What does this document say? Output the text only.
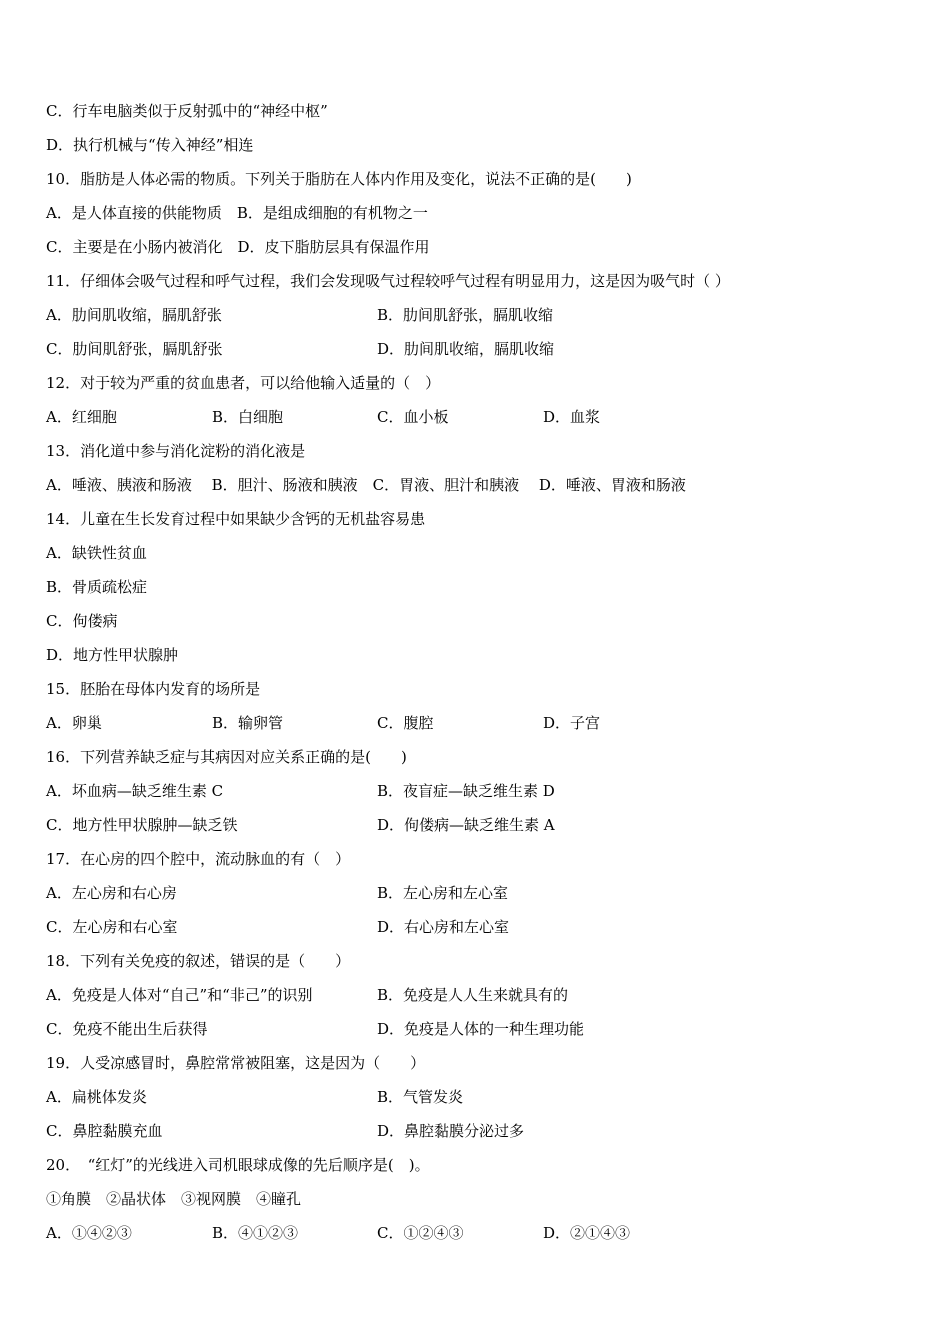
C．行车电脑类似于反射弧中的“神经中枢”
D．执行机械与“传入神经”相连
10．脂肪是人体必需的物质。下列关于脂肪在人体内作用及变化，说法不正确的是(　　)
A．是人体直接的供能物质　B．是组成细胞的有机物之一
C．主要是在小肠内被消化　D．皮下脂肪层具有保温作用
11．仔细体会吸气过程和呼气过程，我们会发现吸气过程较呼气过程有明显用力，这是因为吸气时（ ）
A．肋间肌收缩，膈肌舒张	B．肋间肌舒张，膈肌收缩
C．肋间肌舒张，膈肌舒张	D．肋间肌收缩，膈肌收缩
12．对于较为严重的贫血患者，可以给他输入适量的（　）
A．红细胞	B．白细胞	C．血小板	D．血浆
13．消化道中参与消化淀粉的消化液是
A．唾液、胰液和肠液　 B．胆汁、肠液和胰液　C．胃液、胆汁和胰液　 D．唾液、胃液和肠液
14．儿童在生长发育过程中如果缺少含钙的无机盐容易患
A．缺铁性贫血
B．骨质疏松症
C．佝偻病
D．地方性甲状腺肿
15．胚胎在母体内发育的场所是
A．卵巢	B．输卵管	C．腹腔	D．子宫
16．下列营养缺乏症与其病因对应关系正确的是(　　)
A．坏血病—缺乏维生素 C	B．夜盲症—缺乏维生素 D
C．地方性甲状腺肿—缺乏铁	D．佝偻病—缺乏维生素 A
17．在心房的四个腔中，流动脉血的有（　）
A．左心房和右心房	B．左心房和左心室
C．左心房和右心室	D．右心房和左心室
18．下列有关免疫的叙述，错误的是（　　）
A．免疫是人体对“自己”和“非己”的识别	B．免疫是人人生来就具有的
C．免疫不能出生后获得	D．免疫是人体的一种生理功能
19．人受凉感冒时，鼻腔常常被阻塞，这是因为（　　）
A．扁桃体发炎	B．气管发炎
C．鼻腔黏膜充血	D．鼻腔黏膜分泌过多
20．　“红灯”的光线进入司机眼球成像的先后顺序是(　)。
①角膜　②晶状体　③视网膜　④瞳孔
A．①④②③	B．④①②③	C．①②④③	D．②①④③
